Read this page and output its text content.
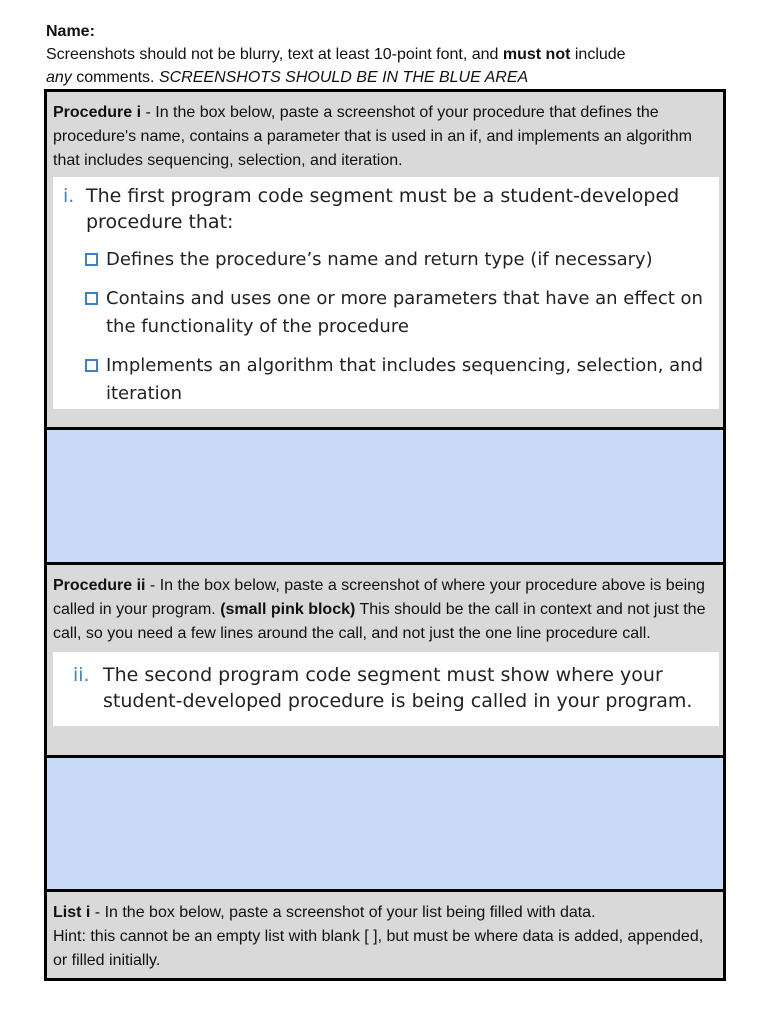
Name:
Screenshots should not be blurry, text at least 10-point font, and must not include
any comments. SCREENSHOTS SHOULD BE IN THE BLUE AREA
Procedure i - In the box below, paste a screenshot of your procedure that defines the procedure's name, contains a parameter that is used in an if, and implements an algorithm that includes sequencing, selection, and iteration.
i. The first program code segment must be a student-developed procedure that:
Defines the procedure’s name and return type (if necessary)
Contains and uses one or more parameters that have an effect on the functionality of the procedure
Implements an algorithm that includes sequencing, selection, and iteration
Procedure ii - In the box below, paste a screenshot of where your procedure above is being called in your program. (small pink block) This should be the call in context and not just the call, so you need a few lines around the call, and not just the one line procedure call.
ii. The second program code segment must show where your student-developed procedure is being called in your program.
List i - In the box below, paste a screenshot of your list being filled with data.
Hint: this cannot be an empty list with blank [ ], but must be where data is added, appended, or filled initially.
